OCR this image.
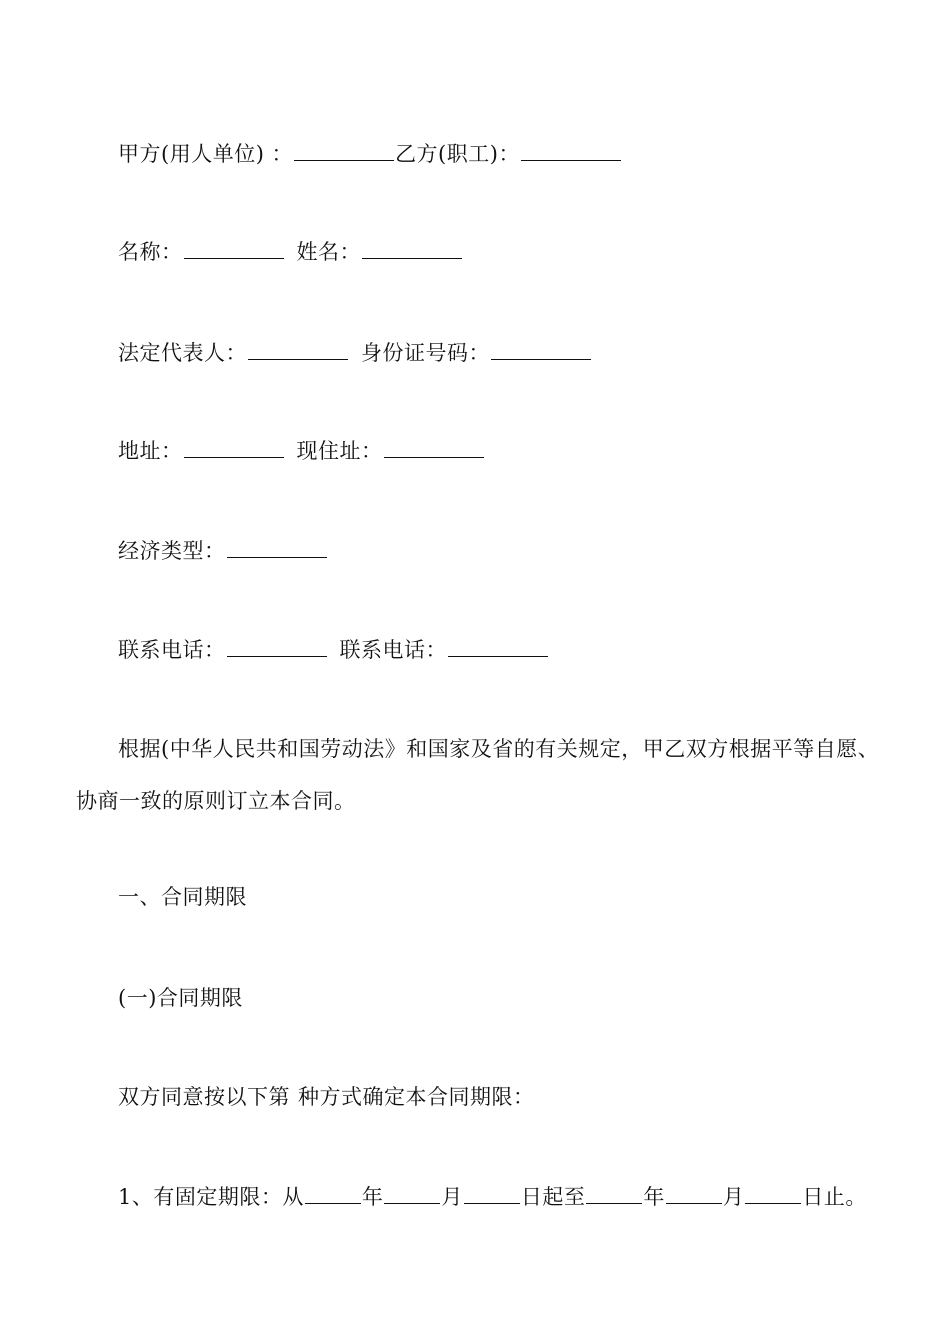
甲方(用人单位) ：	乙方(职工)：
名称：	姓名：
法定代表人：	身份证号码：
地址：	现住址：
经济类型：
联系电话：	联系电话：
根据(中华人民共和国劳动法》和国家及省的有关规定，甲乙双方根据平等自愿、协商一致的原则订立本合同。
一、合同期限
(一)合同期限
双方同意按以下第 种方式确定本合同期限：
1、有固定期限：从	年	月	日起至	年	月	日止。
